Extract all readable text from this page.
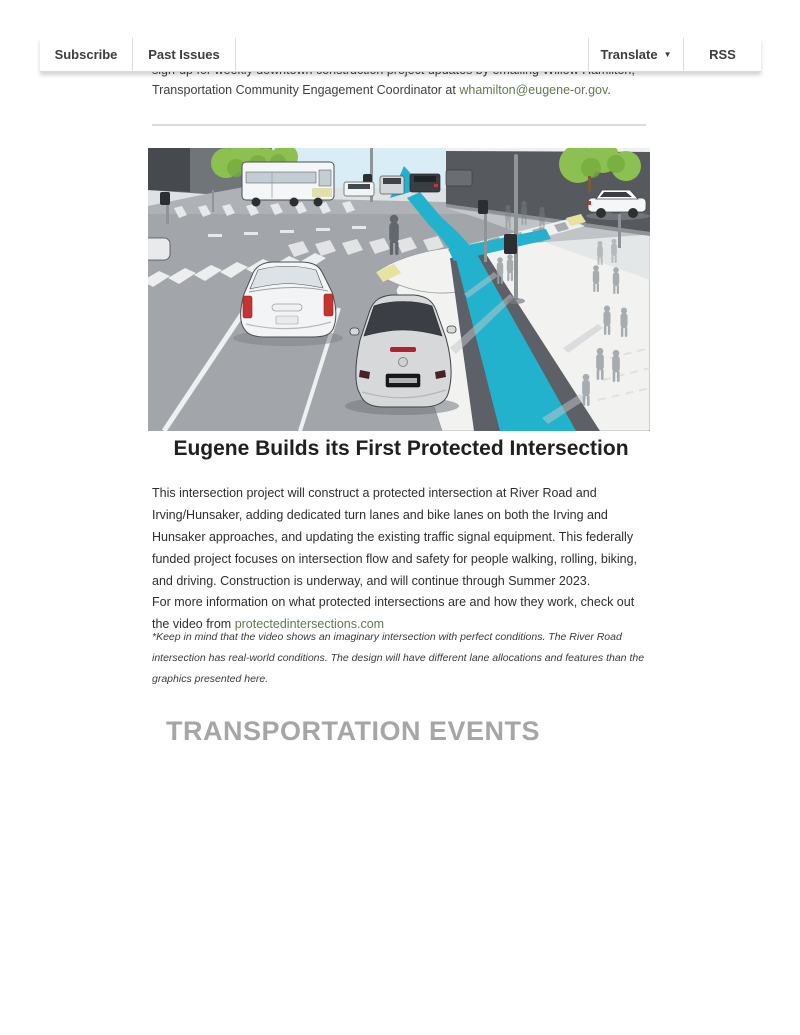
Transportation Community Engagement Coordinator at whamilton@eugene-or.gov.
Subscribe Past Issues	Translate ▼	RSS
Eugene Builds its First Protected Intersection
This intersection project will construct a protected intersection at River Road and Irving/Hunsaker, adding dedicated turn lanes and bike lanes on both the Irving and Hunsaker approaches, and updating the existing traffic signal equipment. This federally funded project focuses on intersection flow and safety for people walking, rolling, biking, and driving. Construction is underway, and will continue through Summer 2023.
For more information on what protected intersections are and how they work, check out the video from protectedintersections.com
*Keep in mind that the video shows an imaginary intersection with perfect conditions. The River Road intersection has real-world conditions. The design will have different lane allocations and features than the graphics presented here.
TRANSPORTATION EVENTS
